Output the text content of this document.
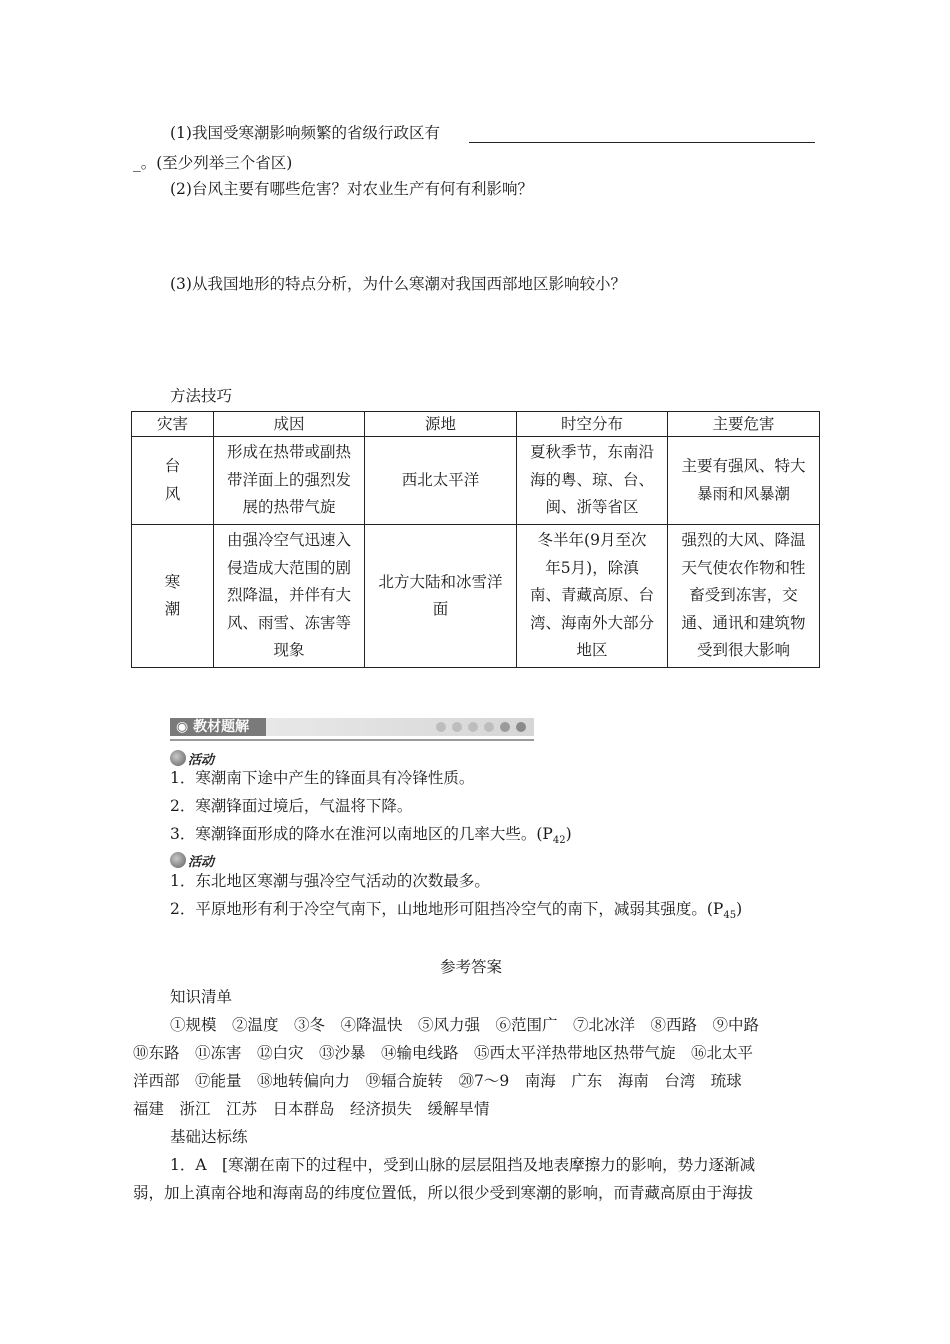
(1)我国受寒潮影响频繁的省级行政区有
_。(至少列举三个省区)
(2)台风主要有哪些危害？对农业生产有何有利影响？
(3)从我国地形的特点分析，为什么寒潮对我国西部地区影响较小？
方法技巧
灾害	成因	源地	时空分布	主要危害
台
风	形成在热带或副热
带洋面上的强烈发
展的热带气旋	西北太平洋	夏秋季节，东南沿
海的粤、琼、台、
闽、浙等省区	主要有强风、特大
暴雨和风暴潮
寒
潮	由强冷空气迅速入
侵造成大范围的剧
烈降温，并伴有大
风、雨雪、冻害等
现象	北方大陆和冰雪洋
面	冬半年(9月至次
年5月)，除滇
南、青藏高原、台
湾、海南外大部分
地区	强烈的大风、降温
天气使农作物和牲
畜受到冻害，交
通、通讯和建筑物
受到很大影响
◉ 教材题解
活动
1．寒潮南下途中产生的锋面具有冷锋性质。
2．寒潮锋面过境后，气温将下降。
3．寒潮锋面形成的降水在淮河以南地区的几率大些。$(P_{42})$
活动
1．东北地区寒潮与强冷空气活动的次数最多。
2．平原地形有利于冷空气南下，山地地形可阻挡冷空气的南下，减弱其强度。$(P_{45})$
参考答案
知识清单
①规模　②温度　③冬　④降温快　⑤风力强　⑥范围广　⑦北冰洋　⑧西路　⑨中路
⑩东路　⑪冻害　⑫白灾　⑬沙暴　⑭输电线路　⑮西太平洋热带地区热带气旋　⑯北太平
洋西部　⑰能量　⑱地转偏向力　⑲辐合旋转　⑳7～9　南海　广东　海南　台湾　琉球
福建　浙江　江苏　日本群岛　经济损失　缓解旱情
基础达标练
1．A　[寒潮在南下的过程中，受到山脉的层层阻挡及地表摩擦力的影响，势力逐渐减
弱，加上滇南谷地和海南岛的纬度位置低，所以很少受到寒潮的影响，而青藏高原由于海拔
